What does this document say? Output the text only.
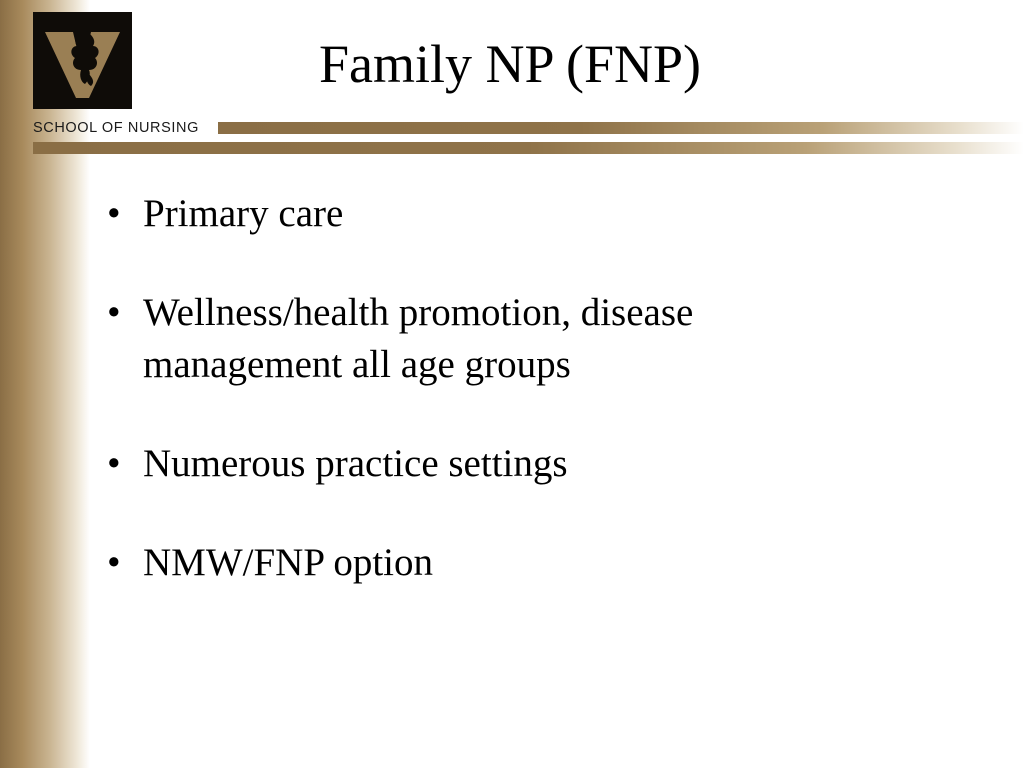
SCHOOL OF NURSING
Family NP (FNP)
• Primary care
• Wellness/health promotion, disease management all age groups
• Numerous practice settings
• NMW/FNP option
